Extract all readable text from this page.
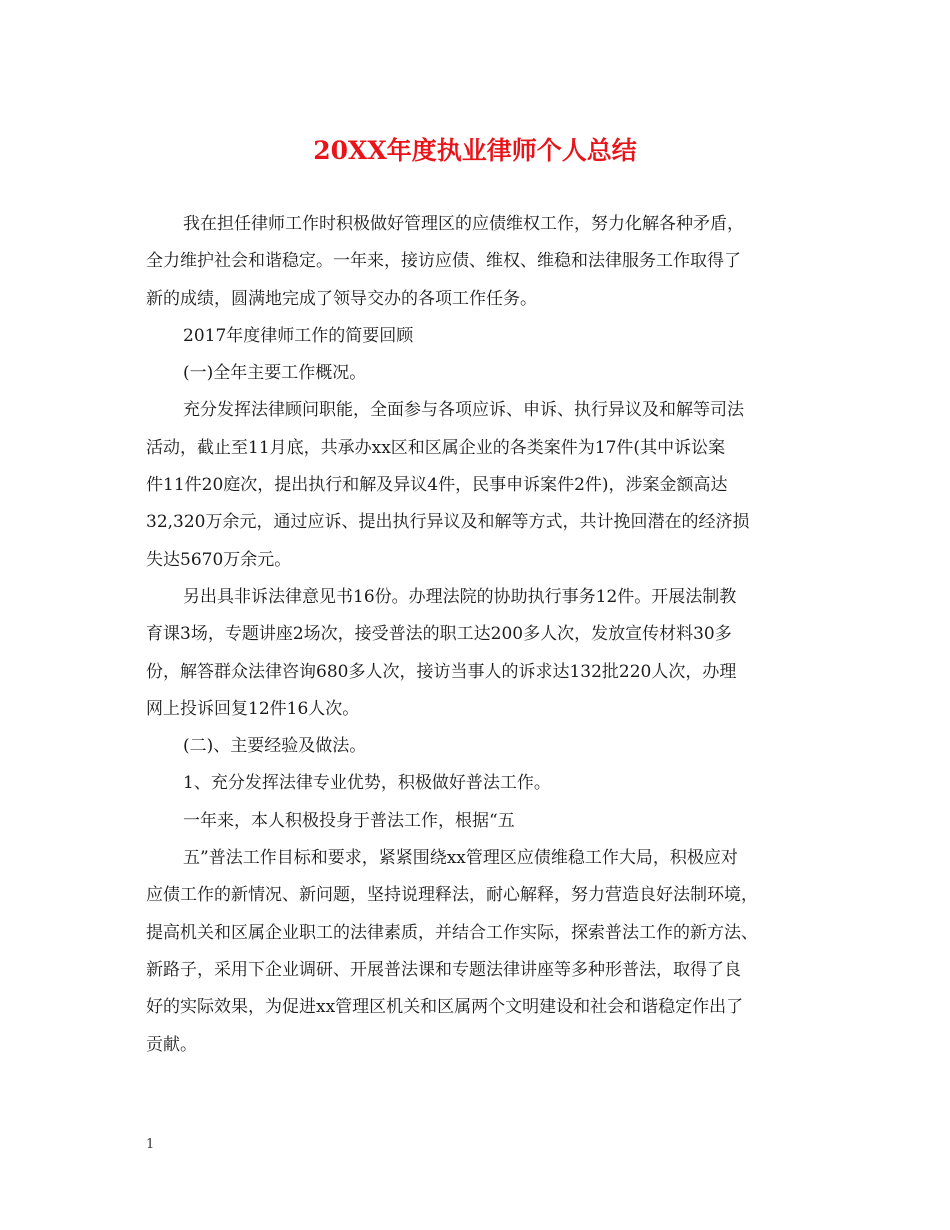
20XX年度执业律师个人总结
我在担任律师工作时积极做好管理区的应债维权工作，努力化解各种矛盾，
全力维护社会和谐稳定。一年来，接访应债、维权、维稳和法律服务工作取得了
新的成绩，圆满地完成了领导交办的各项工作任务。
2017年度律师工作的简要回顾
(一)全年主要工作概况。
充分发挥法律顾问职能，全面参与各项应诉、申诉、执行异议及和解等司法
活动，截止至11月底，共承办xx区和区属企业的各类案件为17件(其中诉讼案
件11件20庭次，提出执行和解及异议4件，民事申诉案件2件)，涉案金额高达
32,320万余元，通过应诉、提出执行异议及和解等方式，共计挽回潜在的经济损
失达5670万余元。
另出具非诉法律意见书16份。办理法院的协助执行事务12件。开展法制教
育课3场，专题讲座2场次，接受普法的职工达200多人次，发放宣传材料30多
份，解答群众法律咨询680多人次，接访当事人的诉求达132批220人次，办理
网上投诉回复12件16人次。
(二)、主要经验及做法。
1、充分发挥法律专业优势，积极做好普法工作。
一年来，本人积极投身于普法工作，根据“五
五”普法工作目标和要求，紧紧围绕xx管理区应债维稳工作大局，积极应对
应债工作的新情况、新问题，坚持说理释法，耐心解释，努力营造良好法制环境，
提高机关和区属企业职工的法律素质，并结合工作实际，探索普法工作的新方法、
新路子，采用下企业调研、开展普法课和专题法律讲座等多种形普法，取得了良
好的实际效果，为促进xx管理区机关和区属两个文明建设和社会和谐稳定作出了
贡献。
1
